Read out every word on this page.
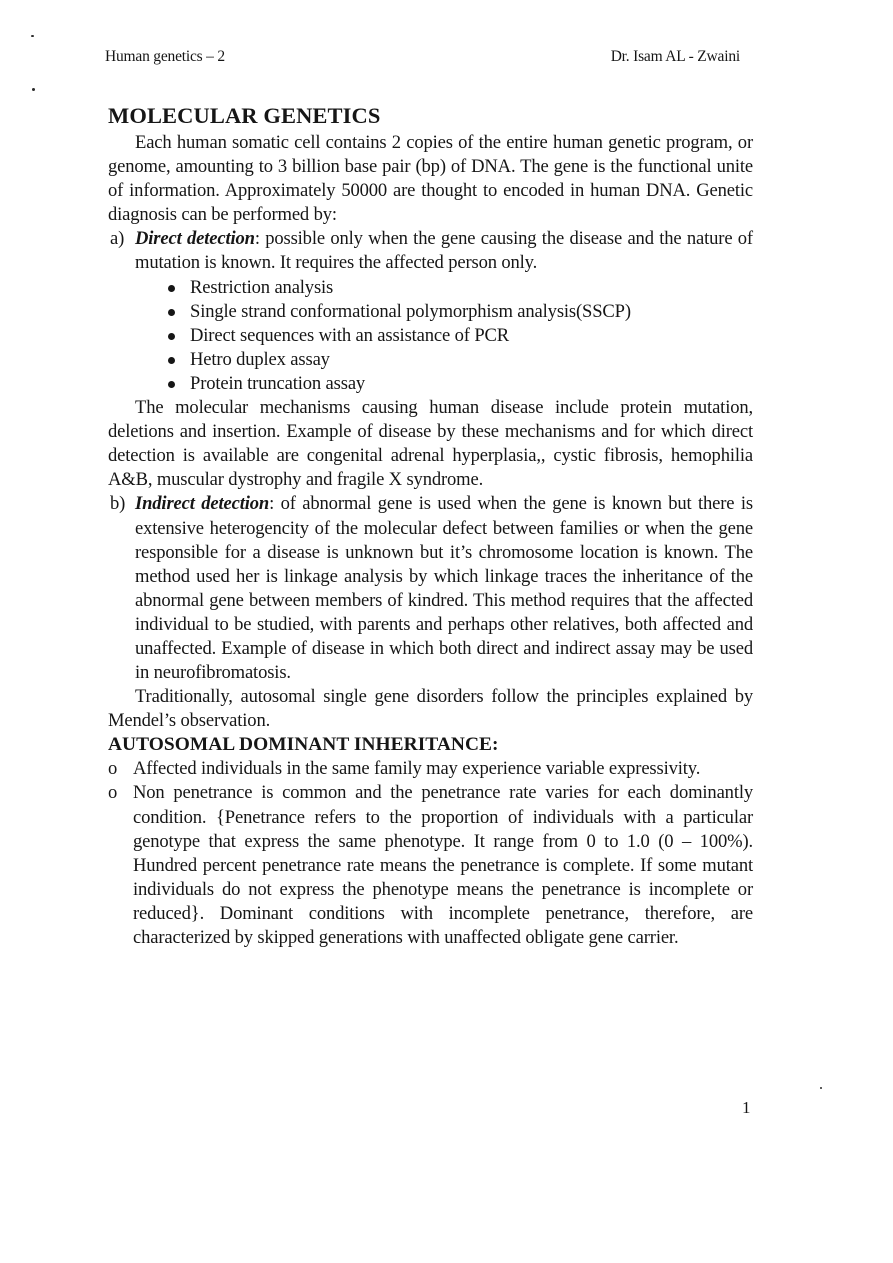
Human genetics – 2	Dr. Isam AL - Zwaini
MOLECULAR GENETICS

Each human somatic cell contains 2 copies of the entire human genetic program, or genome, amounting to 3 billion base pair (bp) of DNA. The gene is the functional unite of information. Approximately 50000 are thought to encoded in human DNA. Genetic diagnosis can be performed by:

a) Direct detection: possible only when the gene causing the disease and the nature of mutation is known. It requires the affected person only.
Restriction analysis
Single strand conformational polymorphism analysis(SSCP)
Direct sequences with an assistance of PCR
Hetro duplex assay
Protein truncation assay

The molecular mechanisms causing human disease include protein mutation, deletions and insertion. Example of disease by these mechanisms and for which direct detection is available are congenital adrenal hyperplasia,, cystic fibrosis, hemophilia A&B, muscular dystrophy and fragile X syndrome.

b) Indirect detection: of abnormal gene is used when the gene is known but there is extensive heterogencity of the molecular defect between families or when the gene responsible for a disease is unknown but it’s chromosome location is known. The method used her is linkage analysis by which linkage traces the inheritance of the abnormal gene between members of kindred. This method requires that the affected individual to be studied, with parents and perhaps other relatives, both affected and unaffected. Example of disease in which both direct and indirect assay may be used in neurofibromatosis.

Traditionally, autosomal single gene disorders follow the principles explained by Mendel’s observation.

AUTOSOMAL DOMINANT INHERITANCE:
o Affected individuals in the same family may experience variable expressivity.
o Non penetrance is common and the penetrance rate varies for each dominantly condition. {Penetrance refers to the proportion of individuals with a particular genotype that express the same phenotype. It range from 0 to 1.0 (0 – 100%). Hundred percent penetrance rate means the penetrance is complete. If some mutant individuals do not express the phenotype means the penetrance is incomplete or reduced}. Dominant conditions with incomplete penetrance, therefore, are characterized by skipped generations with unaffected obligate gene carrier.
1
